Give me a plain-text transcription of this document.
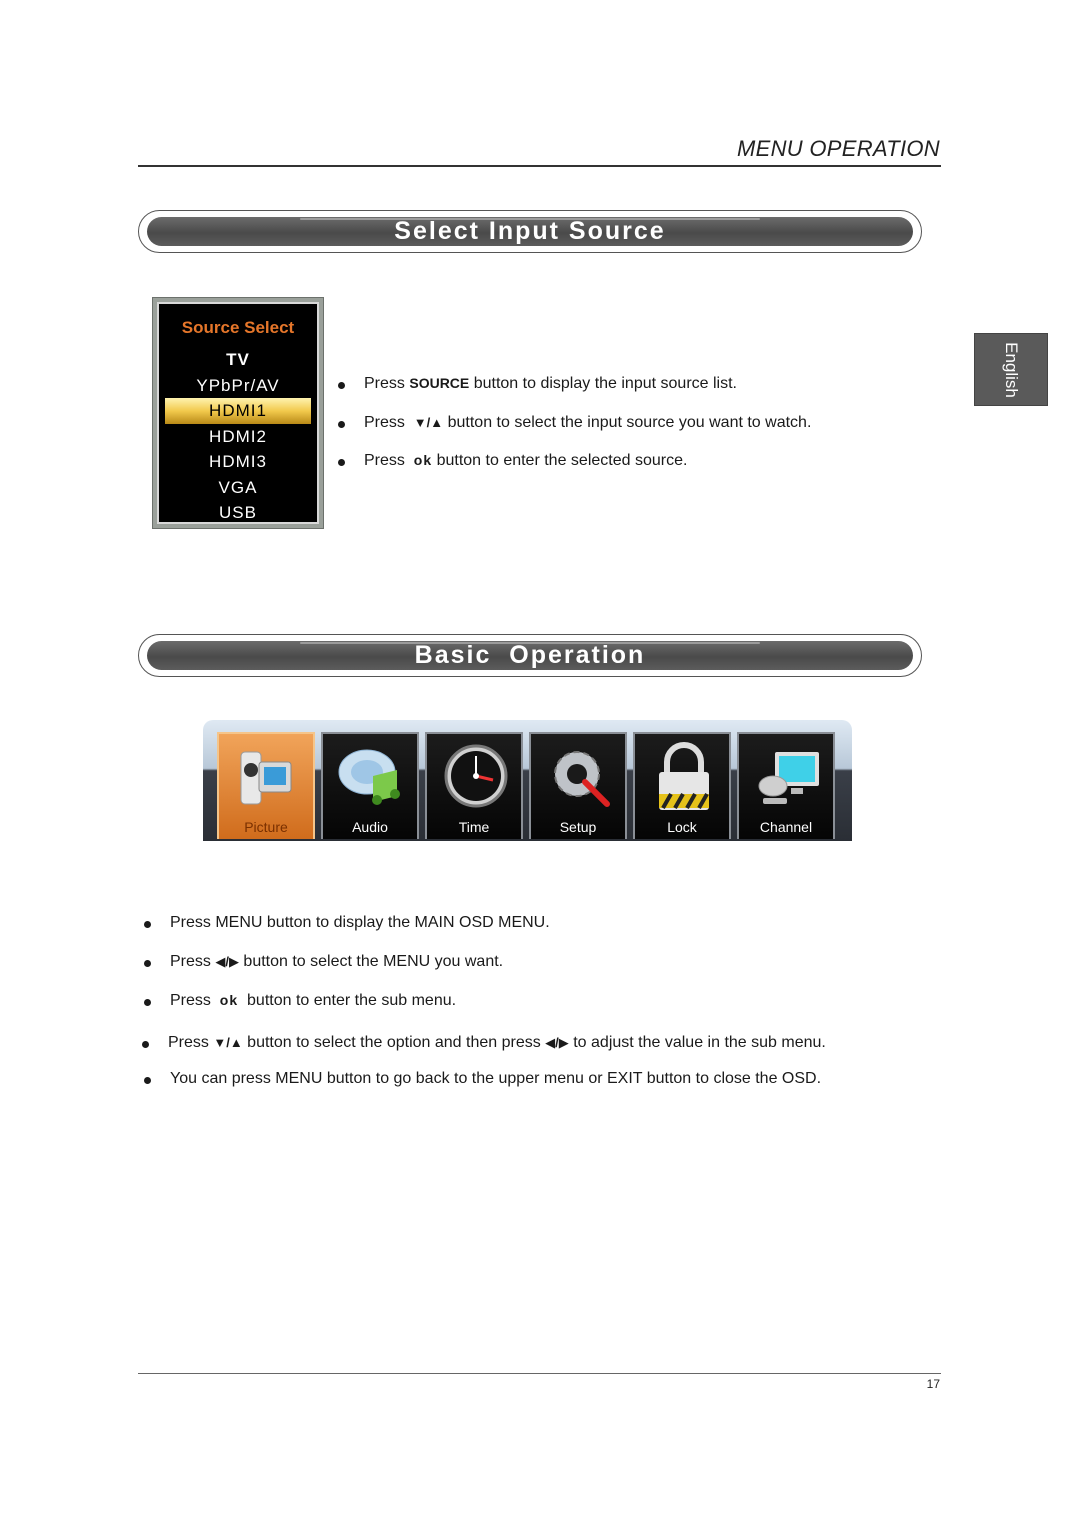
MENU OPERATION
English
Select Input Source
Source Select
TV
YPbPr/AV
HDMI1
HDMI2
HDMI3
VGA
USB
Press SOURCE button to display the input source list.
Press ▼/▲ button to select the input source you want to watch.
Press ok button to enter the selected source.
Basic  Operation
Picture	Audio	Time	Setup	Lock	Channel
Press MENU button to display the MAIN OSD MENU.
Press ◀/▶ button to select the MENU you want.
Press ok button to enter the sub menu.
Press ▼/▲ button to select the option and then press ◀/▶ to adjust the value in the sub menu.
You can press MENU button to go back to the upper menu or EXIT button to close the OSD.
17
